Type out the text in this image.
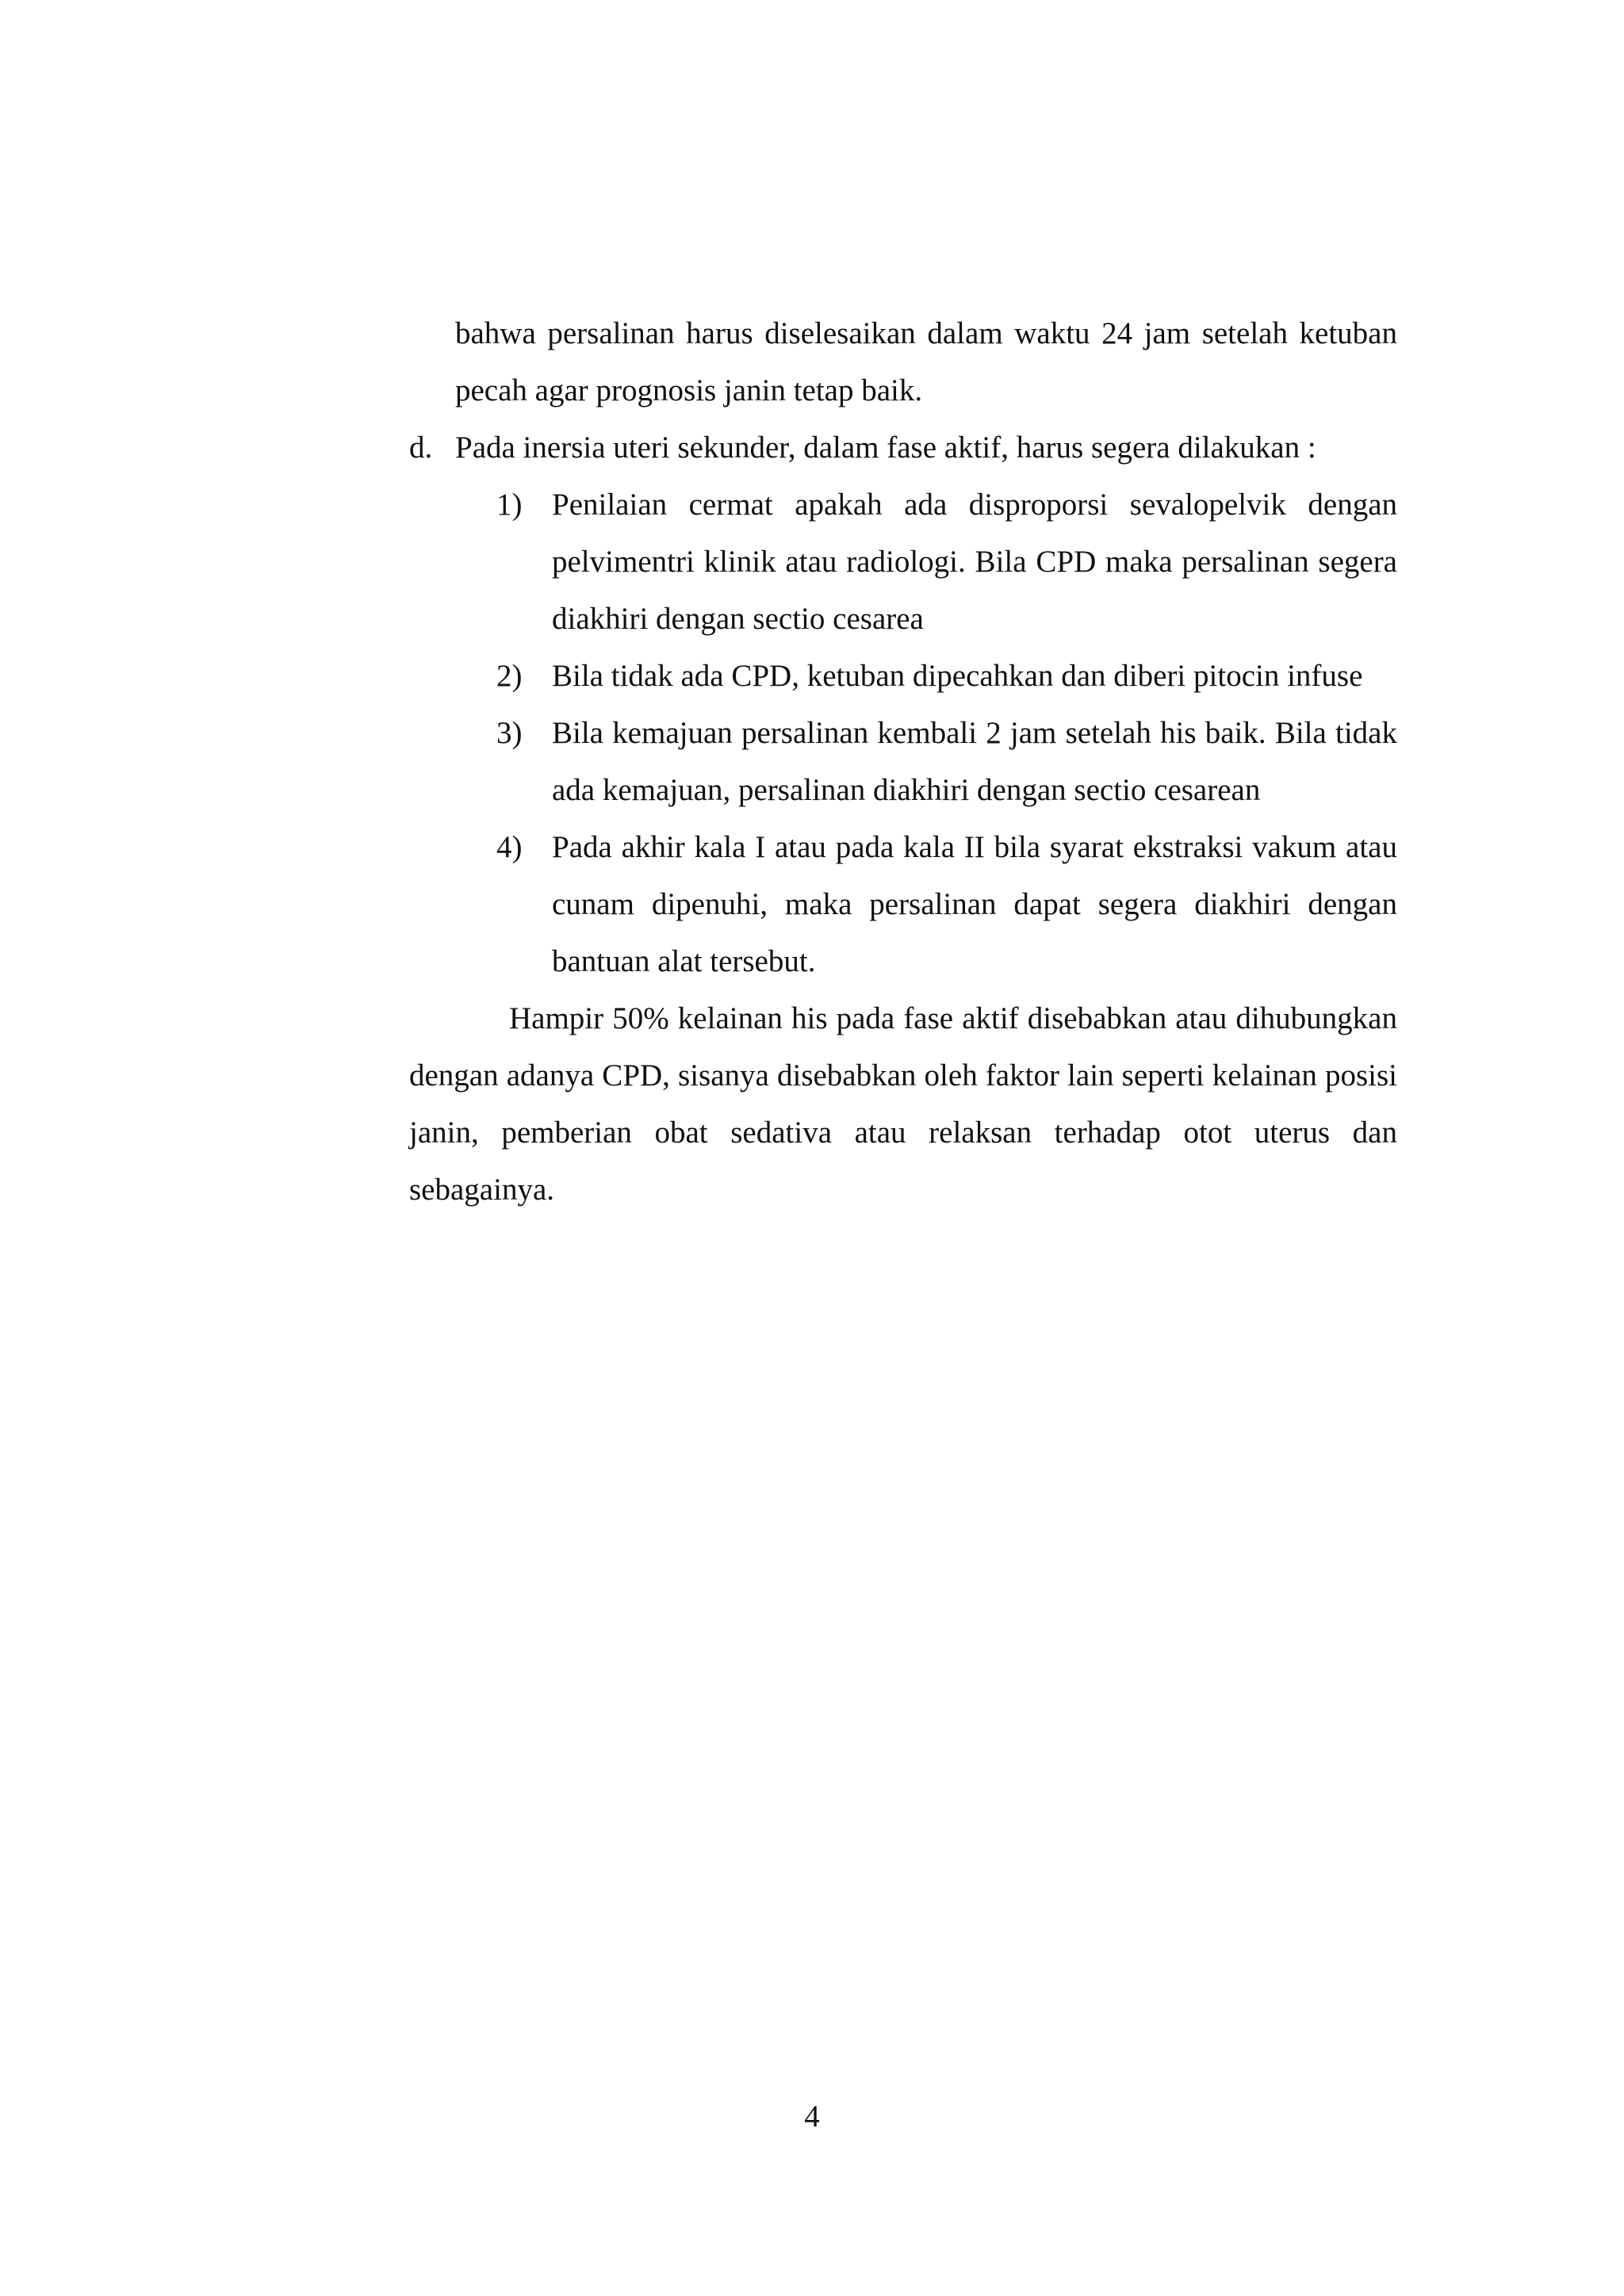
bahwa persalinan harus diselesaikan dalam waktu 24 jam setelah ketuban pecah agar prognosis janin tetap baik.

d. Pada inersia uteri sekunder, dalam fase aktif, harus segera dilakukan :
1) Penilaian cermat apakah ada disproporsi sevalopelvik dengan pelvimentri klinik atau radiologi. Bila CPD maka persalinan segera diakhiri dengan sectio cesarea
2) Bila tidak ada CPD, ketuban dipecahkan dan diberi pitocin infuse
3) Bila kemajuan persalinan kembali 2 jam setelah his baik. Bila tidak ada kemajuan, persalinan diakhiri dengan sectio cesarean
4) Pada akhir kala I atau pada kala II bila syarat ekstraksi vakum atau cunam dipenuhi, maka persalinan dapat segera diakhiri dengan bantuan alat tersebut.

Hampir 50% kelainan his pada fase aktif disebabkan atau dihubungkan dengan adanya CPD, sisanya disebabkan oleh faktor lain seperti kelainan posisi janin, pemberian obat sedativa atau relaksan terhadap otot uterus dan sebagainya.

4
